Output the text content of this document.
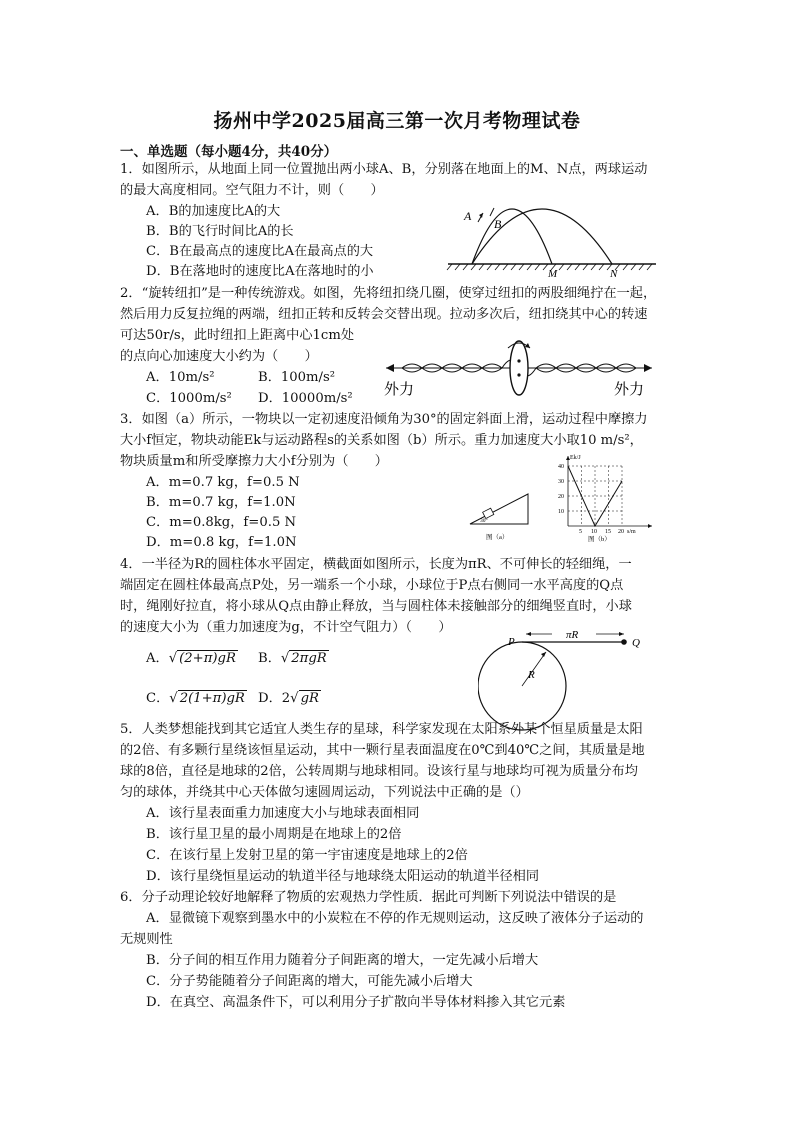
扬州中学2025届高三第一次月考物理试卷
一、单选题（每小题4分，共40分）
1．如图所示，从地面上同一位置抛出两小球A、B，分别落在地面上的M、N点，两球运动
的最大高度相同。空气阻力不计，则（　　）
A．B的加速度比A的大
B．B的飞行时间比A的长
C．B在最高点的速度比A在最高点的大
D．B在落地时的速度比A在落地时的小
A
B
M	N
2．“旋转纽扣”是一种传统游戏。如图，先将纽扣绕几圈，使穿过纽扣的两股细绳拧在一起，
然后用力反复拉绳的两端，纽扣正转和反转会交替出现。拉动多次后，纽扣绕其中心的转速
可达50r/s，此时纽扣上距离中心1cm处
的点向心加速度大小约为（　　）
A．10m/s²	B．100m/s²
C．1000m/s² D．10000m/s²
外力	外力
3．如图（a）所示，一物块以一定初速度沿倾角为30°的固定斜面上滑，运动过程中摩擦力
大小f恒定，物块动能Ek与运动路程s的关系如图（b）所示。重力加速度大小取10 m/s²，
物块质量m和所受摩擦力大小f分别为（　　）
A．m=0.7 kg，f=0.5 N
B．m=0.7 kg，f=1.0N
C．m=0.8kg，f=0.5 N
D．m=0.8 kg，f=1.0N
30°
图（a）
Ek/J
40
30
20
10
5 10 15 20 s/m
图（b）
4．一半径为R的圆柱体水平固定，横截面如图所示，长度为πR、不可伸长的轻细绳，一
端固定在圆柱体最高点P处，另一端系一个小球，小球位于P点右侧同一水平高度的Q点
时，绳刚好拉直，将小球从Q点由静止释放，当与圆柱体未接触部分的细绳竖直时，小球
的速度大小为（重力加速度为g，不计空气阻力）（　　）
A．√ (2+π)gR B．√ 2πgR
C．√ 2(1+π)gR D．2√ gR
πR
P	Q
R
5．人类梦想能找到其它适宜人类生存的星球，科学家发现在太阳系外某个恒星质量是太阳
的2倍、有多颗行星绕该恒星运动，其中一颗行星表面温度在0℃到40℃之间，其质量是地
球的8倍，直径是地球的2倍，公转周期与地球相同。设该行星与地球均可视为质量分布均
匀的球体，并绕其中心天体做匀速圆周运动，下列说法中正确的是（）
A．该行星表面重力加速度大小与地球表面相同
B．该行星卫星的最小周期是在地球上的2倍
C．在该行星上发射卫星的第一宇宙速度是地球上的2倍
D．该行星绕恒星运动的轨道半径与地球绕太阳运动的轨道半径相同
6．分子动理论较好地解释了物质的宏观热力学性质．据此可判断下列说法中错误的是
A．显微镜下观察到墨水中的小炭粒在不停的作无规则运动，这反映了液体分子运动的
无规则性
B．分子间的相互作用力随着分子间距离的增大，一定先减小后增大
C．分子势能随着分子间距离的增大，可能先减小后增大
D．在真空、高温条件下，可以利用分子扩散向半导体材料掺入其它元素
